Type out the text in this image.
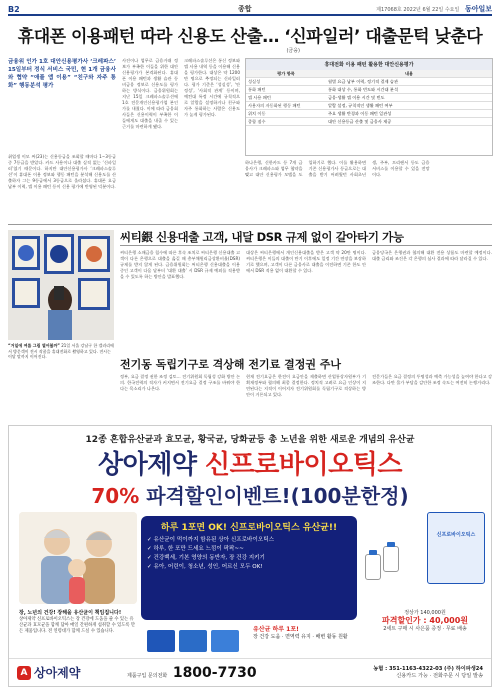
B2	종합	제17068호 2022년 6월 22일 수요일 동아일보
휴대폰 이용패턴 따라 신용도 산출… ‘신파일러’ 대출문턱 낮춘다
(금융)
금융위 인가 1호 대안신용평가사 ‘크레파스’ 15일부터 정식 서비스 국민, 현 1개 금융사와 협약 “애플 앱 이용” “친구와 자주 통화” 행동분석 평가
취업생 이모 씨(23)는 신용등급을 조회할 때마다 1∼3등급 중 7등급을 받았다. 카드 사용이나 대출 실적 없는 ‘신파일러’였기 때문이다. 하지만 대안신용평가사 ‘크레파스솔루션’이 휴대폰 이용 정보와 행동 패턴을 분석해 신용도를 산출하자 그는 9등급에서 3등급으로 올라섰다. 휴대폰 요금 납부 이력, 앱 이용 패턴 등이 신용 평가에 반영된 덕분이다.
사진이나 업무로 금융거래 정보가 부족한 이들을 위한 대안신용평가가 본격화된다. 휴대폰 이용 패턴과 생활 습관 등 비금융 정보로 신용도를 평가하는 방식이다. 금융위원회는 지난 15일 크레파스솔루션에 1호 전문개인신용평가업 본인가를 내줬다. 이에 따라 금융회사들은 신용이력이 부족한 이들에게도 대출을 내줄 수 있는 근거를 마련하게 됐다.
크레파스솔루션은 통신 정보와 앱 사용 내역 등을 이용해 신용을 평가한다. 대상은 약 1200만 명으로 추정되는 신파일러다. 평가 기준은 ‘성실성’, ‘안정성’, ‘사회적 관계’ 등이며, 예컨대 특정 시간에 규칙적으로 알람을 설정하거나 친구와 자주 통화하는 사람은 신용도가 높게 평가된다.
하나은행, 신한카드 등 7개 금융사가 크레파스와 업무 협약을 맺고 대안 신용평가 모델을 도입하기로 했다. 이를 활용하면 기존 신용평가사 등급으로는 대출을 받기 어려웠던 사회초년생, 주부, 프리랜서 등도 금융 서비스를 이용할 수 있을 전망이다.
휴대전화 이용 패턴 활용한 대안신용평가
평가 항목	내용
성실성	월별 요금 납부 이력, 정기적 결제 습관
통화 패턴	통화 대상 수, 통화 빈도와 시간대 분석
앱 사용 패턴	금융·생활 앱 이용 시간 및 빈도
사용자의 자동화된 행동 패턴	알람 설정, 규칙적인 생활 패턴 여부
위치 이동	주요 생활 반경과 이동 패턴 일관성
종합 점수	대안 신용등급 산출 및 금융사 제공
“거일에 여름 그림 열어볼까” 21일 서울 강남구 한 갤러리에서 방문객이 전시 작품을 휴대전화로 촬영하고 있다. 전시는 이달 말까지 이어진다.
씨티銀 신용대출 고객, 내달 DSR 규제 없이 갈아타기 가능
씨티은행 소매금융 철수에 따른 후속 조치로 씨티은행 신용대출 고객이 다른 은행으로 대출을 옮길 때 총부채원리금상환비율(DSR) 규제를 받지 않게 된다. 금융위원회는 씨티은행 신용대출을 이용 중인 고객이 다음 달부터 ‘대환 대출’ 시 DSR 규제 예외를 적용받을 수 있도록 하는 방안을 발표했다.
대상은 씨티은행에서 개인신용대출을 받은 고객 약 20만 명이다. 씨티은행은 이들의 대출이 만기 이후에도 일정 기간 연장을 보장하기로 했으며, 고객이 다른 금융사로 대출을 이전하면 기존 한도 안에서 DSR 적용 없이 대환할 수 있다.
금융당국은 은행권과 협의해 대환 전용 상품도 마련할 예정이다. 대출 금리와 조건은 각 은행의 심사 결과에 따라 달라질 수 있다.
전기동 독립기구로 격상해 전기료 결정권 주나
정부, 요금 결정 권한 조정 검토… 전기위원회 독립성 강화 방안 논의. 한국전력의 적자가 커지면서 전기요금 결정 구조를 바꿔야 한다는 목소리가 나온다.
현재 전기요금은 한전이 요금안을 제출하면 산업통상자원부가 기획재정부와 협의해 최종 결정한다. 정치적 고려로 요금 인상이 지연된다는 지적이 이어지자 전기위원회를 독립기구로 격상하는 방안이 거론되고 있다.
전문가들은 요금 결정의 투명성과 예측 가능성을 높여야 한다고 강조한다. 다만 물가 부담을 감안한 조정 속도는 여전히 논쟁거리다.
12종 혼합유산균과 효모균, 황국균, 당화균등 총 노년을 위한 새로운 개념의 유산균
상아제약 신프로바이오틱스
70% 파격할인이벤트!(100분한정)
하루 1포면 OK! 신프로바이오틱스 유산균!!
✓ 유산균이 먹이까지 함유된 상아 신프로바이오틱스
✓ 하루, 한 포만 드세요 느낌이 팍팍~~
✓ 건강백세, 기본 영양의 동반자, 장 건강 지키기
✓ 유아, 어린이, 청소년, 성인, 어르신 모두 OK!
신프로바이오틱스
장, 노년의 건강! 장해을 유산균이 책임집니다!
상아제약 신프로바이오틱스는 장 건강에 도움을 줄 수 있는 유산균과 효모균을 함께 담아 매일 간편하게 섭취할 수 있도록 만든 제품입니다. 전 연령대가 함께 드실 수 있습니다.	유산균 하루 1포!
장 건강 도움 · 면역력 유지 · 배변 활동 원활
정상가 140,000원
파격할인가 : 40,000원
2세트 구매 시 사은품 증정 · 무료 배송
A 상아제약	제품구입 문의전화 1800-7730	농협 : 351-1163-4322-03 (주) 하이파생24
신용카드 가능 · 전화주문 시 당일 발송
